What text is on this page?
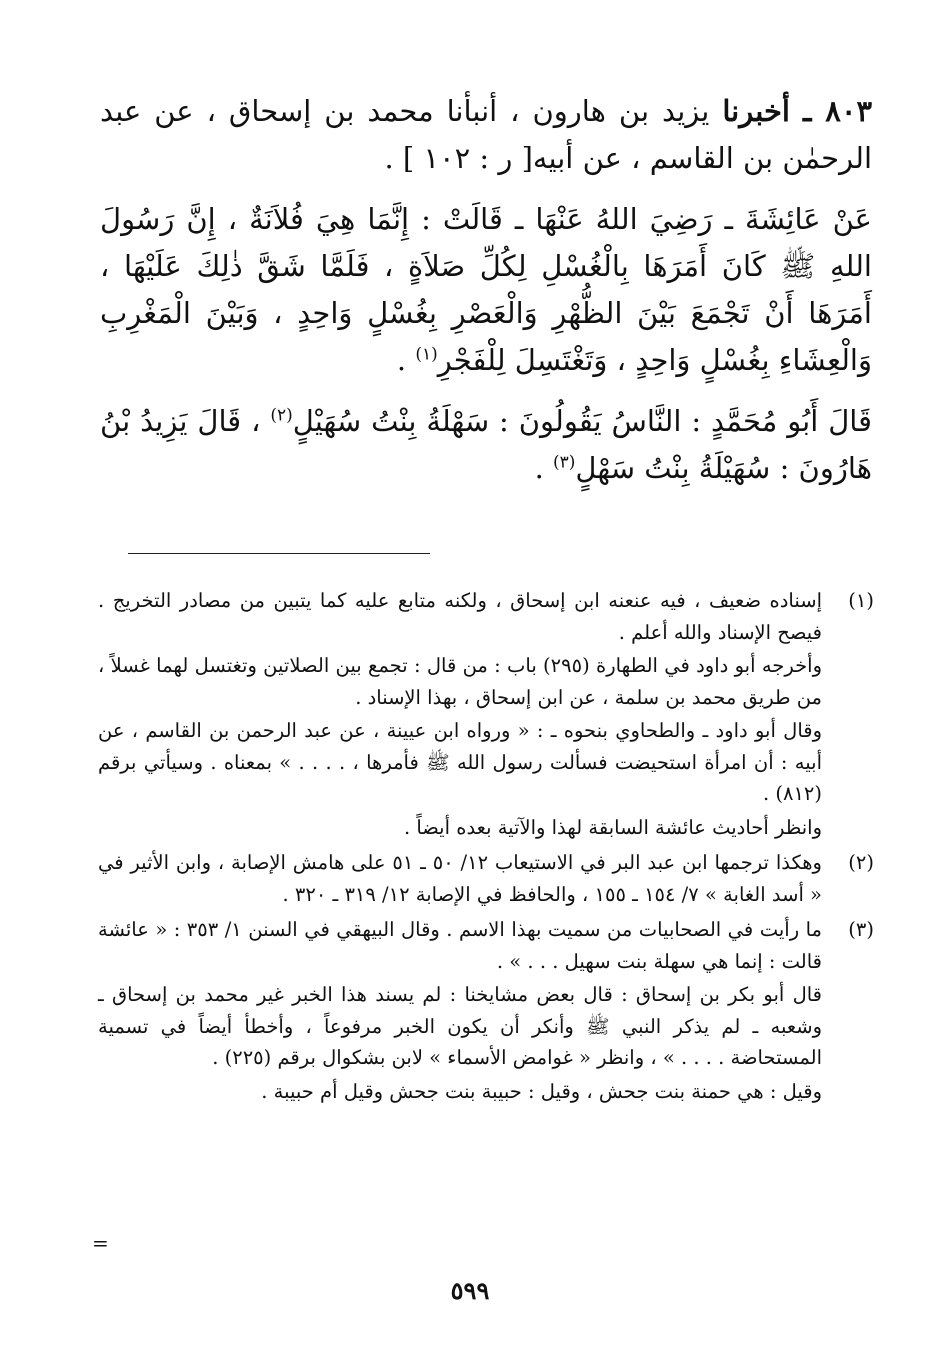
٨٠٣ ـ أخبرنا يزيد بن هارون ، أنبأنا محمد بن إسحاق ، عن عبد الرحمٰن بن القاسم ، عن أبيه[ ر : ١٠٢ ] .

عَنْ عَائِشَةَ ـ رَضِيَ اللهُ عَنْهَا ـ قَالَتْ : إِنَّمَا هِيَ فُلاَنَةٌ ، إِنَّ رَسُولَ اللهِ ﷺ كَانَ أَمَرَهَا بِالْغُسْلِ لِكُلِّ صَلاَةٍ ، فَلَمَّا شَقَّ ذٰلِكَ عَلَيْهَا ، أَمَرَهَا أَنْ تَجْمَعَ بَيْنَ الظُّهْرِ وَالْعَصْرِ بِغُسْلٍ وَاحِدٍ ، وَبَيْنَ الْمَغْرِبِ وَالْعِشَاءِ بِغُسْلٍ وَاحِدٍ ، وَتَغْتَسِلَ لِلْفَجْرِ$^{(١)}$ .

قَالَ أَبُو مُحَمَّدٍ : النَّاسُ يَقُولُونَ : سَهْلَةُ بِنْتُ سُهَيْلٍ$^{(٢)}$ ، قَالَ يَزِيدُ بْنُ هَارُونَ : سُهَيْلَةُ بِنْتُ سَهْلٍ$^{(٣)}$ .

(١)

إسناده ضعيف ، فيه عنعنه ابن إسحاق ، ولكنه متابع عليه كما يتبين من مصادر التخريج . فيصح الإسناد والله أعلم .

وأخرجه أبو داود في الطهارة (٢٩٥) باب : من قال : تجمع بين الصلاتين وتغتسل لهما غسلاً ، من طريق محمد بن سلمة ، عن ابن إسحاق ، بهذا الإسناد .

وقال أبو داود ـ والطحاوي بنحوه ـ : « ورواه ابن عيينة ، عن عبد الرحمن بن القاسم ، عن أبيه : أن امرأة استحيضت فسألت رسول الله ﷺ فأمرها ، . . . . » بمعناه . وسيأتي برقم (٨١٢) .

وانظر أحاديث عائشة السابقة لهذا والآتية بعده أيضاً .

(٢)

وهكذا ترجمها ابن عبد البر في الاستيعاب ١٢/ ٥٠ ـ ٥١ على هامش الإصابة ، وابن الأثير في « أسد الغابة » ٧/ ١٥٤ ـ ١٥٥ ، والحافظ في الإصابة ١٢/ ٣١٩ ـ ٣٢٠ .

(٣)

ما رأيت في الصحابيات من سميت بهذا الاسم . وقال البيهقي في السنن ١/ ٣٥٣ : « عائشة قالت : إنما هي سهلة بنت سهيل . . . » .

قال أبو بكر بن إسحاق : قال بعض مشايخنا : لم يسند هذا الخبر غير محمد بن إسحاق ـ وشعبه ـ لم يذكر النبي ﷺ وأنكر أن يكون الخبر مرفوعاً ، وأخطأ أيضاً في تسمية المستحاضة . . . . » ، وانظر « غوامض الأسماء » لابن بشكوال برقم (٢٢٥) .

وقيل : هي حمنة بنت جحش ، وقيل : حبيبة بنت جحش وقيل أم حبيبة .

=
٥٩٩
